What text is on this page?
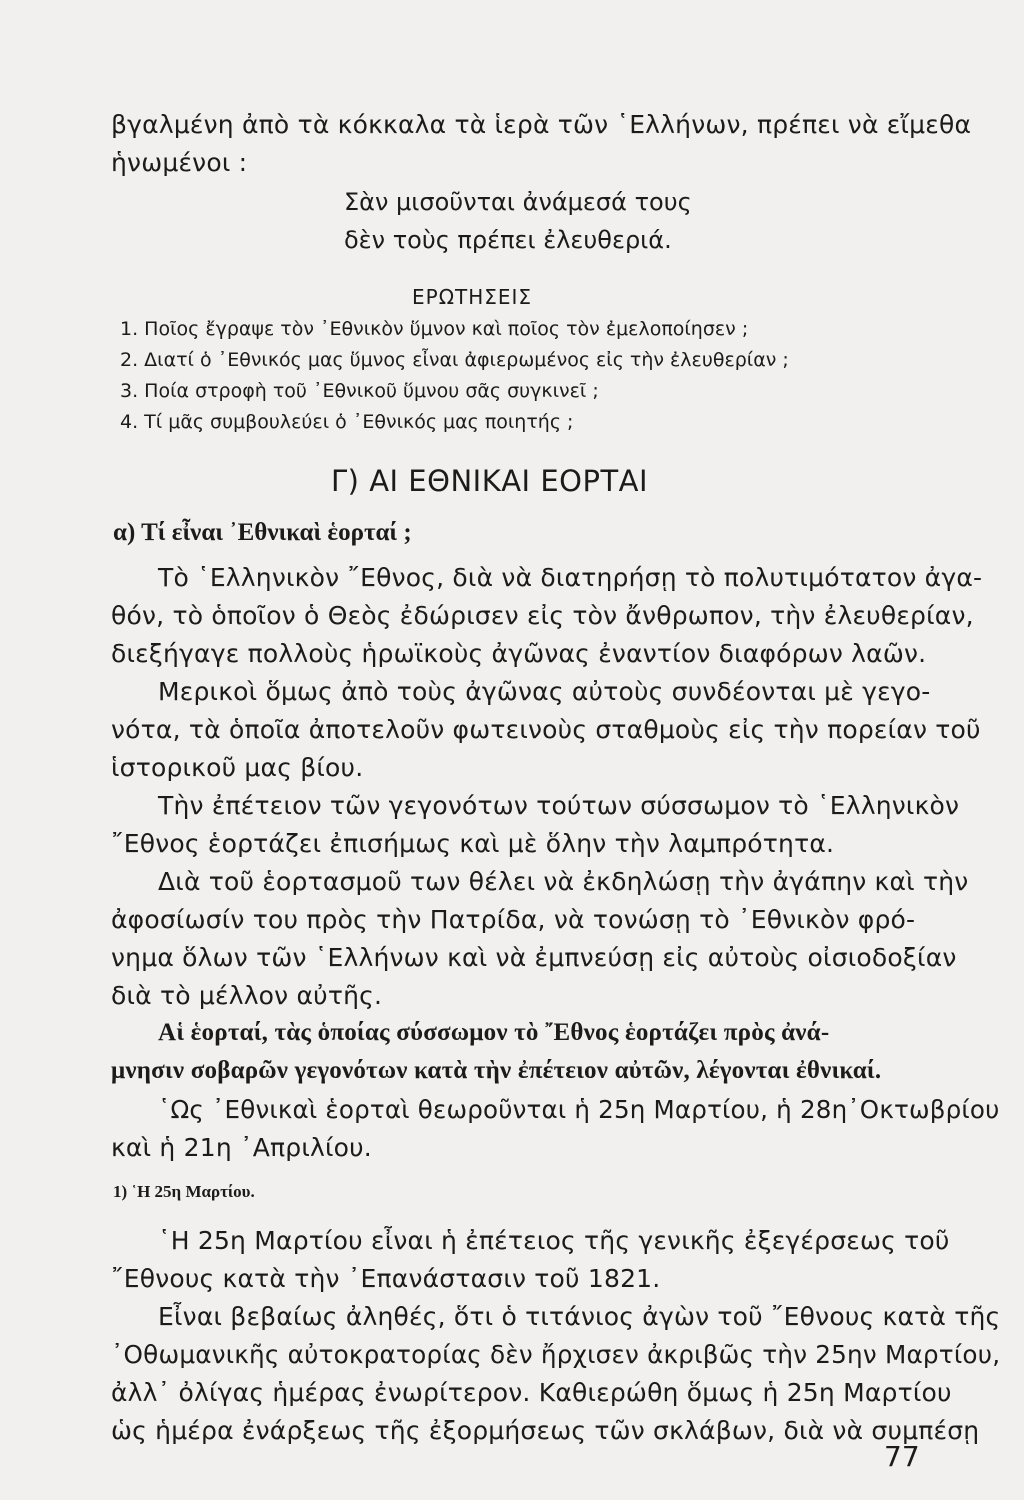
βγαλμένη ἀπὸ τὰ κόκκαλα τὰ ἱερὰ τῶν ῾Ελλήνων, πρέπει νὰ εἴμεθα
ἡνωμένοι :
Σὰν μισοῦνται ἀνάμεσά τους
δὲν τοὺς πρέπει ἐλευθεριά.
ΕΡΩΤΗΣΕΙΣ
1. Ποῖος ἔγραψε τὸν ᾽Εθνικὸν ὕμνον καὶ ποῖος τὸν ἐμελοποίησεν ;
2. Διατί ὁ ᾽Εθνικός μας ὕμνος εἶναι ἀφιερωμένος εἰς τὴν ἐλευθερίαν ;
3. Ποία στροφὴ τοῦ ᾽Εθνικοῦ ὕμνου σᾶς συγκινεῖ ;
4. Τί μᾶς συμβουλεύει ὁ ᾽Εθνικός μας ποιητής ;
Γ) ΑΙ ΕΘΝΙΚΑΙ ΕΟΡΤΑΙ
α) Τί εἶναι ᾽Εθνικαὶ ἑορταί ;
Τὸ ῾Ελληνικὸν ῎Εθνος, διὰ νὰ διατηρήσῃ τὸ πολυτιμότατον ἀγα-
θόν, τὸ ὁποῖον ὁ Θεὸς ἐδώρισεν εἰς τὸν ἄνθρωπον, τὴν ἐλευθερίαν,
διεξήγαγε πολλοὺς ἡρωϊκοὺς ἀγῶνας ἐναντίον διαφόρων λαῶν.
Μερικοὶ ὅμως ἀπὸ τοὺς ἀγῶνας αὐτοὺς συνδέονται μὲ γεγο-
νότα, τὰ ὁποῖα ἀποτελοῦν φωτεινοὺς σταθμοὺς εἰς τὴν πορείαν τοῦ
ἱστορικοῦ μας βίου.
Τὴν ἐπέτειον τῶν γεγονότων τούτων σύσσωμον τὸ ῾Ελληνικὸν
῎Εθνος ἑορτάζει ἐπισήμως καὶ μὲ ὅλην τὴν λαμπρότητα.
Διὰ τοῦ ἑορτασμοῦ των θέλει νὰ ἐκδηλώσῃ τὴν ἀγάπην καὶ τὴν
ἀφοσίωσίν του πρὸς τὴν Πατρίδα, νὰ τονώσῃ τὸ ᾽Εθνικὸν φρό-
νημα ὅλων τῶν ῾Ελλήνων καὶ νὰ ἐμπνεύσῃ εἰς αὐτοὺς οἰσιοδοξίαν
διὰ τὸ μέλλον αὐτῆς.
Αἱ ἑορταί, τὰς ὁποίας σύσσωμον τὸ ῎Εθνος ἑορτάζει πρὸς ἀνά-
μνησιν σοβαρῶν γεγονότων κατὰ τὴν ἐπέτειον αὐτῶν, λέγονται ἐθνικαί.
῾Ως ᾽Εθνικαὶ ἑορταὶ θεωροῦνται ἡ 25η Μαρτίου, ἡ 28η᾽Οκτωβρίου
καὶ ἡ 21η ᾽Απριλίου.
1) ῾Η 25η Μαρτίου.
῾Η 25η Μαρτίου εἶναι ἡ ἐπέτειος τῆς γενικῆς ἐξεγέρσεως τοῦ
῎Εθνους κατὰ τὴν ᾽Επανάστασιν τοῦ 1821.
Εἶναι βεβαίως ἀληθές, ὅτι ὁ τιτάνιος ἀγὼν τοῦ ῎Εθνους κατὰ τῆς
᾽Οθωμανικῆς αὐτοκρατορίας δὲν ἤρχισεν ἀκριβῶς τὴν 25ην Μαρτίου,
ἀλλ᾽ ὀλίγας ἡμέρας ἐνωρίτερον. Καθιερώθη ὅμως ἡ 25η Μαρτίου
ὡς ἡμέρα ἐνάρξεως τῆς ἐξορμήσεως τῶν σκλάβων, διὰ νὰ συμπέσῃ
77
